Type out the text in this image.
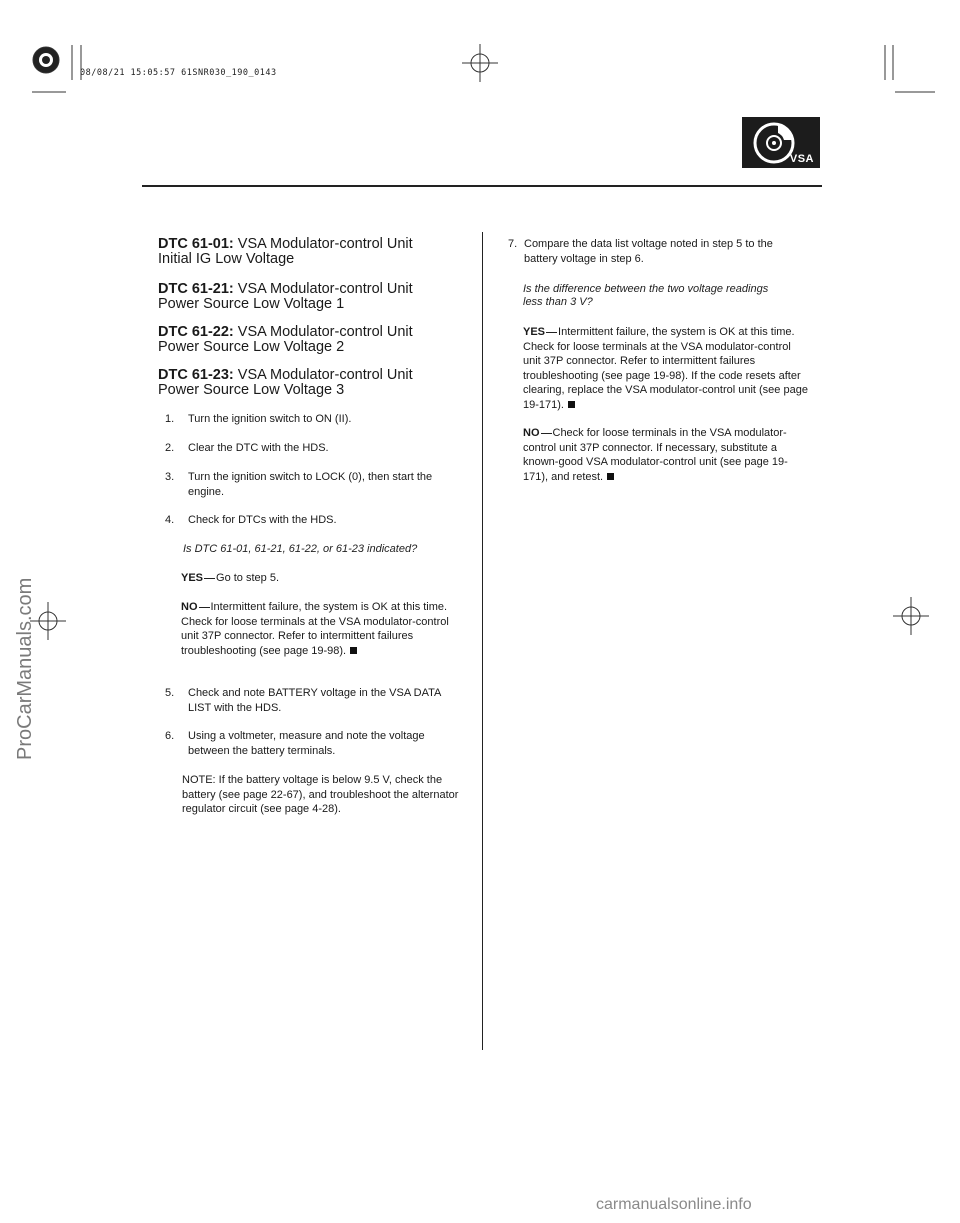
08/08/21 15:05:57 61SNR030_190_0143
VSA
DTC 61-01: VSA Modulator-control Unit
Initial IG Low Voltage
DTC 61-21: VSA Modulator-control Unit
Power Source Low Voltage 1
DTC 61-22: VSA Modulator-control Unit
Power Source Low Voltage 2
DTC 61-23: VSA Modulator-control Unit
Power Source Low Voltage 3
1.	Turn the ignition switch to ON (II).
2.	Clear the DTC with the HDS.
3.	Turn the ignition switch to LOCK (0), then start the engine.
4.	Check for DTCs with the HDS.
Is DTC 61-01, 61-21, 61-22, or 61-23 indicated?
YES Go to step 5.
NO Intermittent failure, the system is OK at this time. Check for loose terminals at the VSA modulator-control unit 37P connector. Refer to intermittent failures troubleshooting (see page 19-98).
5.	Check and note BATTERY voltage in the VSA DATA LIST with the HDS.
6.	Using a voltmeter, measure and note the voltage between the battery terminals.
NOTE: If the battery voltage is below 9.5 V, check the battery (see page 22-67), and troubleshoot the alternator regulator circuit (see page 4-28).
7. Compare the data list voltage noted in step 5 to the battery voltage in step 6.
Is the difference between the two voltage readings less than 3 V?
YES Intermittent failure, the system is OK at this time. Check for loose terminals at the VSA modulator-control unit 37P connector. Refer to intermittent failures troubleshooting (see page 19-98). If the code resets after clearing, replace the VSA modulator-control unit (see page 19-171).
NO Check for loose terminals in the VSA modulator-control unit 37P connector. If necessary, substitute a known-good VSA modulator-control unit (see page 19-171), and retest.
ProCarManuals.com
carmanualsonline.info
